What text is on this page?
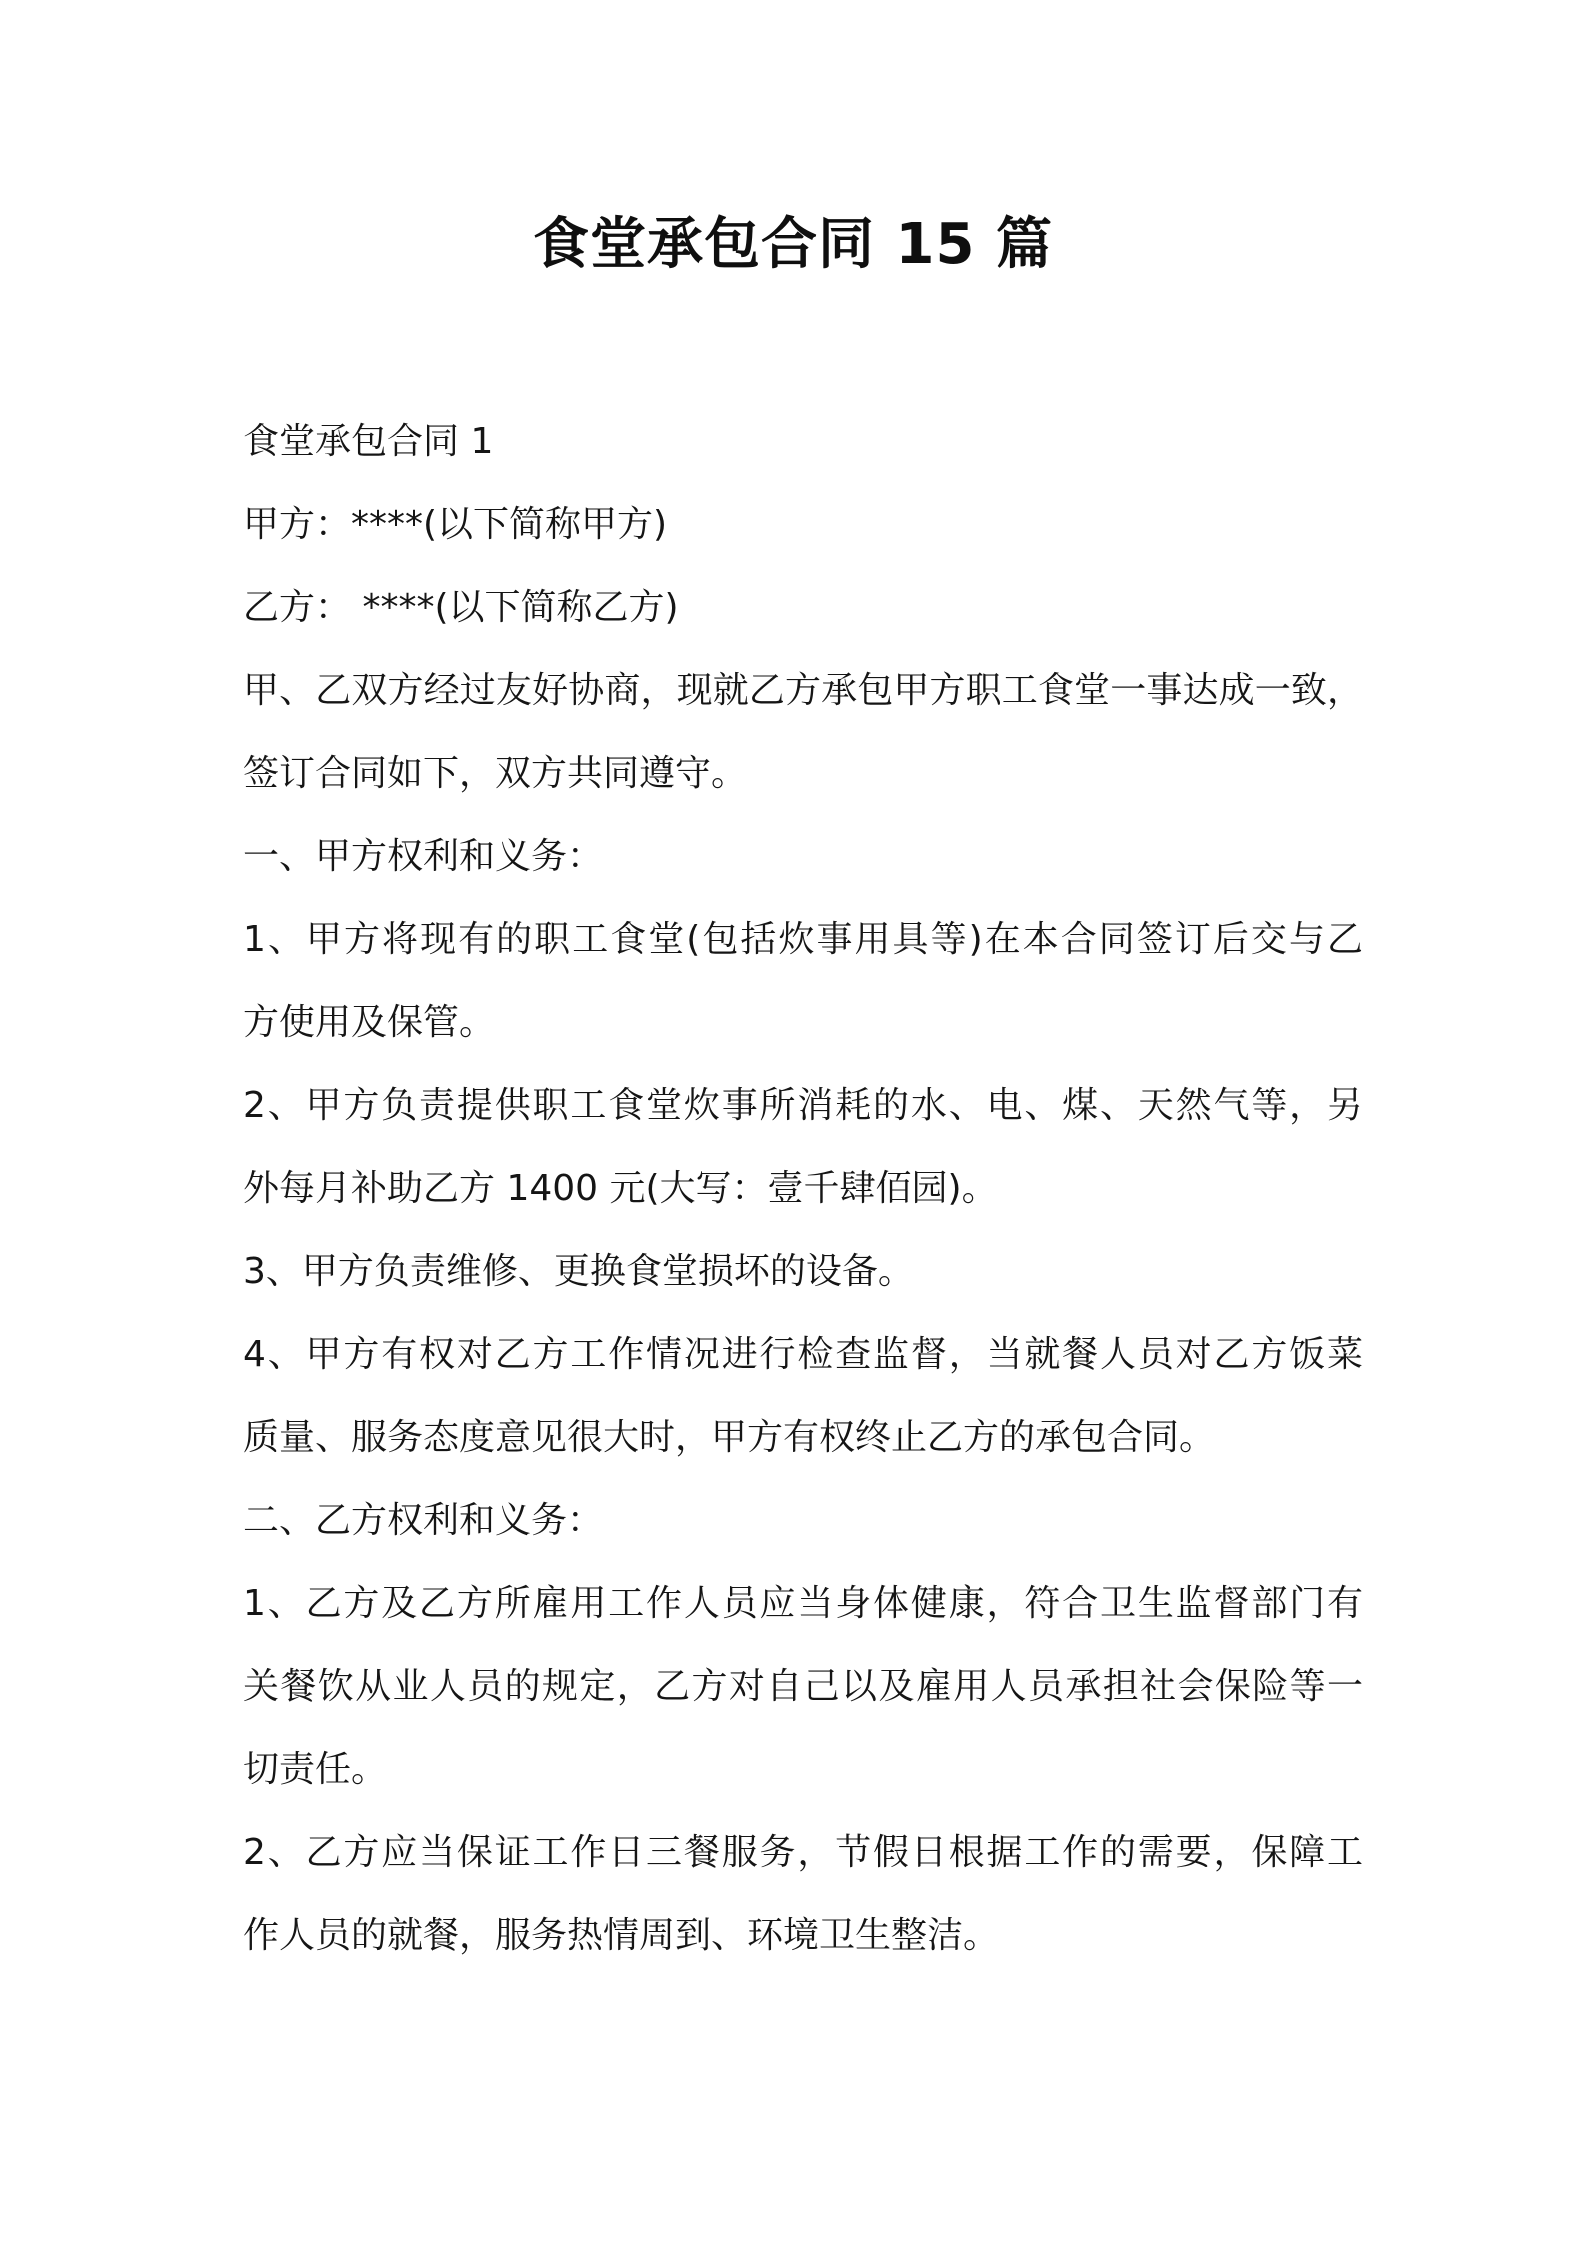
食堂承包合同 15 篇
食堂承包合同 1
甲方：****(以下简称甲方)
乙方： ****(以下简称乙方)
甲、乙双方经过友好协商，现就乙方承包甲方职工食堂一事达成一致，
签订合同如下，双方共同遵守。
一、甲方权利和义务：
1、甲方将现有的职工食堂(包括炊事用具等)在本合同签订后交与乙
方使用及保管。
2、甲方负责提供职工食堂炊事所消耗的水、电、煤、天然气等，另
外每月补助乙方 1400 元(大写：壹千肆佰园)。
3、甲方负责维修、更换食堂损坏的设备。
4、甲方有权对乙方工作情况进行检查监督，当就餐人员对乙方饭菜
质量、服务态度意见很大时，甲方有权终止乙方的承包合同。
二、乙方权利和义务：
1、乙方及乙方所雇用工作人员应当身体健康，符合卫生监督部门有
关餐饮从业人员的规定，乙方对自己以及雇用人员承担社会保险等一
切责任。
2、乙方应当保证工作日三餐服务，节假日根据工作的需要，保障工
作人员的就餐，服务热情周到、环境卫生整洁。
